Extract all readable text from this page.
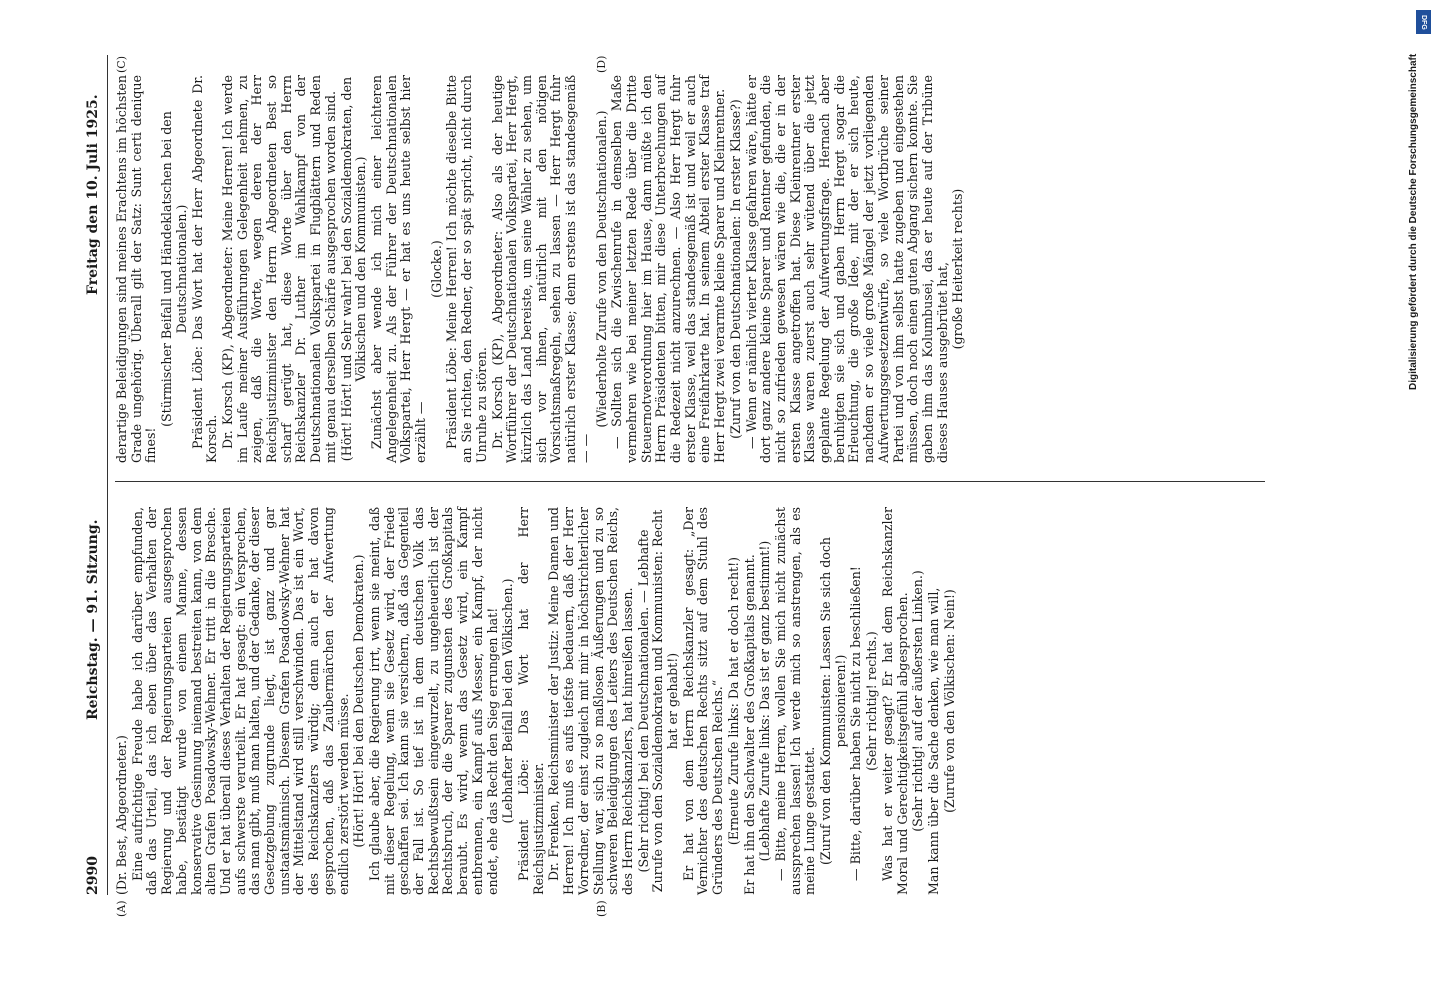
2990
Reichstag. — 91. Sitzung.
Freitag den 10. Juli 1925.

(Dr. Best, Abgeordneter.) Eine aufrichtige Freude habe ich darüber empfunden, daß das Urteil, das ich eben über das Verhalten der Regierung und der Regierungsparteien ausgesprochen habe, bestätigt wurde von einem Manne, dessen konservative Gesinnung niemand bestreiten kann, von dem alten Grafen Posadowsky-Wehner. Er tritt in die Bresche. Und er hat überall dieses Verhalten der Regierungsparteien aufs schwerste verurteilt. Er hat gesagt: ein Versprechen, das man gibt, muß man halten, und der Gedanke, der dieser Gesetzgebung zugrunde liegt, ist ganz und gar unstaatsmännisch. Diesem Grafen Posadowsky-Wehner hat der Mittelstand wird still verschwinden. Das ist ein Wort, des Reichskanzlers würdig; denn auch er hat davon gesprochen, daß das Zaubermärchen der Aufwertung endlich zerstört werden müsse. (Hört! Hört! bei den Deutschen Demokraten.) Ich glaube aber, die Regierung irrt, wenn sie meint, daß mit dieser Regelung, wenn sie Gesetz wird, der Friede geschaffen sei. Ich kann sie versichern, daß das Gegenteil der Fall ist. So tief ist in dem deutschen Volk das Rechtsbewußtsein eingewurzelt, zu ungeheuerlich ist der Rechtsbruch, der die Sparer zugunsten des Großkapitals beraubt. Es wird, wenn das Gesetz wird, ein Kampf entbrennen, ein Kampf aufs Messer, ein Kampf, der nicht endet, ehe das Recht den Sieg errungen hat! (Lebhafter Beifall bei den Völkischen.) Präsident Löbe: Das Wort hat der Herr Reichsjustizminister. Dr. Frenken, Reichsminister der Justiz: Meine Damen und Herren! Ich muß es aufs tiefste bedauern, daß der Herr Vorredner, der einst zugleich mit mir in höchstrichterlicher Stellung war, sich zu so maßlosen Äußerungen und zu so schweren Beleidigungen des Leiters des Deutschen Reichs, des Herrn Reichskanzlers, hat hinreißen lassen. (Sehr richtig! bei den Deutschnationalen. — Lebhafte Zurufe von den Sozialdemokraten und Kommunisten: Recht hat er gehabt!) Er hat von dem Herrn Reichskanzler gesagt: „Der Vernichter des deutschen Rechts sitzt auf dem Stuhl des Gründers des Deutschen Reichs.“ (Erneute Zurufe links: Da hat er doch recht!) Er hat ihn den Sachwalter des Großkapitals genannt. (Lebhafte Zurufe links: Das ist er ganz bestimmt!) — Bitte, meine Herren, wollen Sie mich nicht zunächst aussprechen lassen! Ich werde mich so anstrengen, als es meine Lunge gestattet. (Zuruf von den Kommunisten: Lassen Sie sich doch pensionieren!) — Bitte, darüber haben Sie nicht zu beschließen! (Sehr richtig! rechts.) Was hat er weiter gesagt? Er hat dem Reichskanzler Moral und Gerechtigkeitsgefühl abgesprochen. (Sehr richtig! auf der äußersten Linken.) Man kann über die Sache denken, wie man will, (Zurufe von den Völkischen: Nein!)

derartige Beleidigungen sind meines Erachtens im höchsten Grade ungehörig. Überall gilt der Satz: Sunt certi denique fines!

(Stürmischer Beifall und Händeklatschen bei den Deutschnationalen.) Präsident Löbe: Das Wort hat der Herr Abgeordnete Dr. Korsch. Dr. Korsch (KP), Abgeordneter: Meine Herren! Ich werde im Laufe meiner Ausführungen Gelegenheit nehmen, zu zeigen, daß die Worte, wegen deren der Herr Reichsjustizminister den Herrn Abgeordneten Best so scharf gerügt hat, diese Worte über den Herrn Reichskanzler Dr. Luther im Wahlkampf von der Deutschnationalen Volkspartei in Flugblättern und Reden mit genau derselben Schärfe ausgesprochen worden sind. (Hört! Hört! und Sehr wahr! bei den Sozialdemokraten, den Völkischen und den Kommunisten.) Zunächst aber wende ich mich einer leichteren Angelegenheit zu. Als der Führer der Deutschnationalen Volkspartei, Herr Hergt — er hat es uns heute selbst hier erzählt —

(Glocke.) Präsident Löbe: Meine Herren! Ich möchte dieselbe Bitte an Sie richten, den Redner, der so spät spricht, nicht durch Unruhe zu stören. Dr. Korsch (KP), Abgeordneter: Also als der heutige Wortführer der Deutschnationalen Volkspartei, Herr Hergt, kürzlich das Land bereiste, um seine Wähler zu sehen, um sich vor ihnen, natürlich mit den nötigen Vorsichtsmaßregeln, sehen zu lassen — Herr Hergt fuhr natürlich erster Klasse; denn erstens ist das standesgemäß — —

(Wiederholte Zurufe von den Deutschnationalen.) — Sollten sich die Zwischenrufe in demselben Maße vermehren wie bei meiner letzten Rede über die Dritte Steuernotverordnung hier im Hause, dann müßte ich den Herrn Präsidenten bitten, mir diese Unterbrechungen auf die Redezeit nicht anzurechnen. — Also Herr Hergt fuhr erster Klasse, weil das standesgemäß ist und weil er auch eine Freifahrkarte hat. In seinem Abteil erster Klasse traf Herr Hergt zwei verarmte kleine Sparer und Kleinrentner. (Zuruf von den Deutschnationalen: In erster Klasse?) — Wenn er nämlich vierter Klasse gefahren wäre, hätte er dort ganz andere kleine Sparer und Rentner gefunden, die nicht so zufrieden gewesen wären wie die, die er in der ersten Klasse angetroffen hat. Diese Kleinrentner erster Klasse waren zuerst auch sehr wütend über die jetzt geplante Regelung der Aufwertungsfrage. Hernach aber beruhigten sie sich und gaben Herrn Hergt sogar die Erleuchtung, die große Idee, mit der er sich heute, nachdem er so viele große Mängel der jetzt vorliegenden Aufwertungsgesetzentwürfe, so viele Wortbrüche seiner Partei und von ihm selbst hatte zugeben und eingestehen müssen, doch noch einen guten Abgang sichern konnte. Sie gaben ihm das Kolumbusei, das er heute auf der Tribüne dieses Hauses ausgebrütet hat, (große Heiterkeit rechts)

(A)	(B)
(C)	(D)
DFG
Digitalisierung gefördert durch die Deutsche Forschungsgemeinschaft
